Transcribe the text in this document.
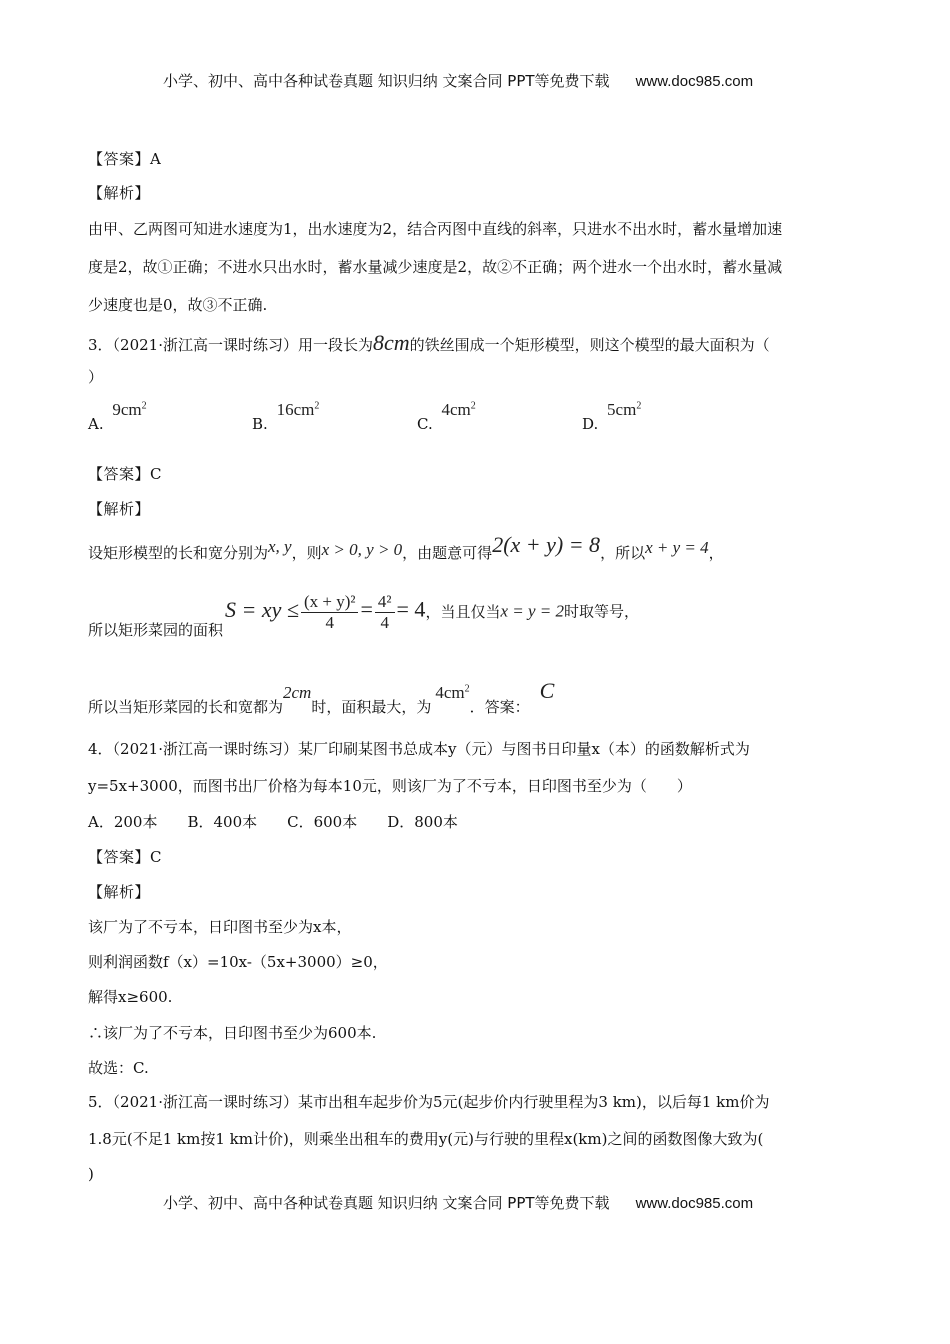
小学、初中、高中各种试卷真题 知识归纳 文案合同 PPT等免费下载 www.doc985.com
【答案】A
【解析】
由甲、乙两图可知进水速度为1，出水速度为2，结合丙图中直线的斜率，只进水不出水时，蓄水量增加速
度是2，故①正确；不进水只出水时，蓄水量减少速度是2，故②不正确；两个进水一个出水时，蓄水量减
少速度也是0，故③不正确.
3．（2021·浙江高一课时练习）用一段长为8cm的铁丝围成一个矩形模型，则这个模型的最大面积为（
）
A. $9cm^2$
B. $16cm^2$
C. $4cm^2$
D. $5cm^2$
【答案】C
【解析】
设矩形模型的长和宽分别为x, y，则x > 0, y > 0，由题意可得2(x + y) = 8，所以x + y = 4，
所以矩形菜园的面积S = xy ≤ $\frac{\text{(x + y)²}}{4} = \frac{\text{4²}}{4} = 4$，当且仅当x = y = 2时取等号，
所以当矩形菜园的长和宽都为2cm时，面积最大，为$4cm^2$．答案：C
4．（2021·浙江高一课时练习）某厂印刷某图书总成本y（元）与图书日印量x（本）的函数解析式为
y=5x+3000，而图书出厂价格为每本10元，则该厂为了不亏本，日印图书至少为（　　）
A．200本　　B．400本　　C．600本　　D．800本
【答案】C
【解析】
该厂为了不亏本，日印图书至少为x本，
则利润函数f（x）=10x-（5x+3000）≥0，
解得x≥600.
∴该厂为了不亏本，日印图书至少为600本.
故选：C.
5．（2021·浙江高一课时练习）某市出租车起步价为5元(起步价内行驶里程为3 km)，以后每1 km价为
1.8元(不足1 km按1 km计价)，则乘坐出租车的费用y(元)与行驶的里程x(km)之间的函数图像大致为(
)
小学、初中、高中各种试卷真题 知识归纳 文案合同 PPT等免费下载 www.doc985.com
